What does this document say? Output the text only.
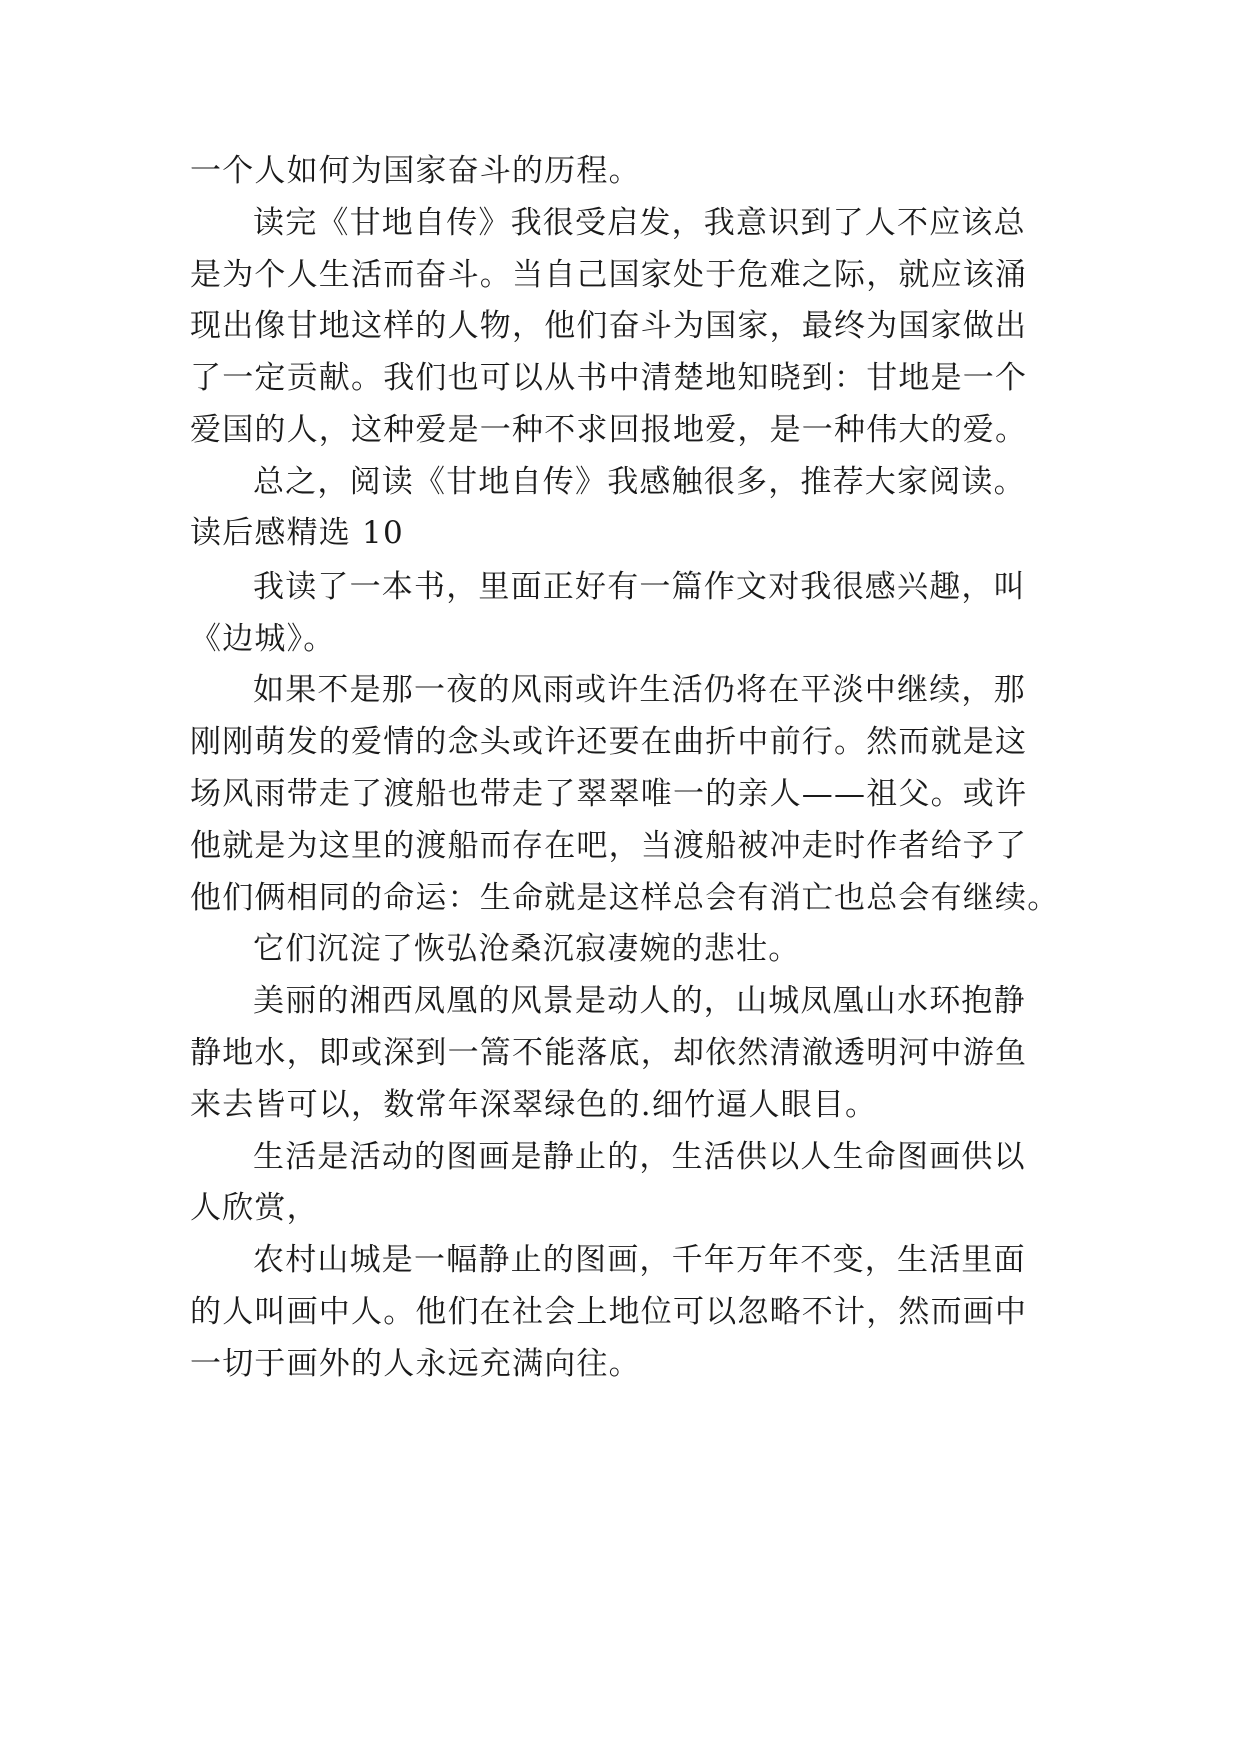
一个人如何为国家奋斗的历程。
读完《甘地自传》我很受启发，我意识到了人不应该总
是为个人生活而奋斗。当自己国家处于危难之际，就应该涌
现出像甘地这样的人物，他们奋斗为国家，最终为国家做出
了一定贡献。我们也可以从书中清楚地知晓到：甘地是一个
爱国的人，这种爱是一种不求回报地爱，是一种伟大的爱。
总之，阅读《甘地自传》我感触很多，推荐大家阅读。
读后感精选 10
我读了一本书，里面正好有一篇作文对我很感兴趣，叫
《边城》。
如果不是那一夜的风雨或许生活仍将在平淡中继续，那
刚刚萌发的爱情的念头或许还要在曲折中前行。然而就是这
场风雨带走了渡船也带走了翠翠唯一的亲人——祖父。或许
他就是为这里的渡船而存在吧，当渡船被冲走时作者给予了
他们俩相同的命运：生命就是这样总会有消亡也总会有继续。
它们沉淀了恢弘沧桑沉寂凄婉的悲壮。
美丽的湘西凤凰的风景是动人的，山城凤凰山水环抱静
静地水，即或深到一篙不能落底，却依然清澈透明河中游鱼
来去皆可以，数常年深翠绿色的.细竹逼人眼目。
生活是活动的图画是静止的，生活供以人生命图画供以
人欣赏，
农村山城是一幅静止的图画，千年万年不变，生活里面
的人叫画中人。他们在社会上地位可以忽略不计，然而画中
一切于画外的人永远充满向往。
